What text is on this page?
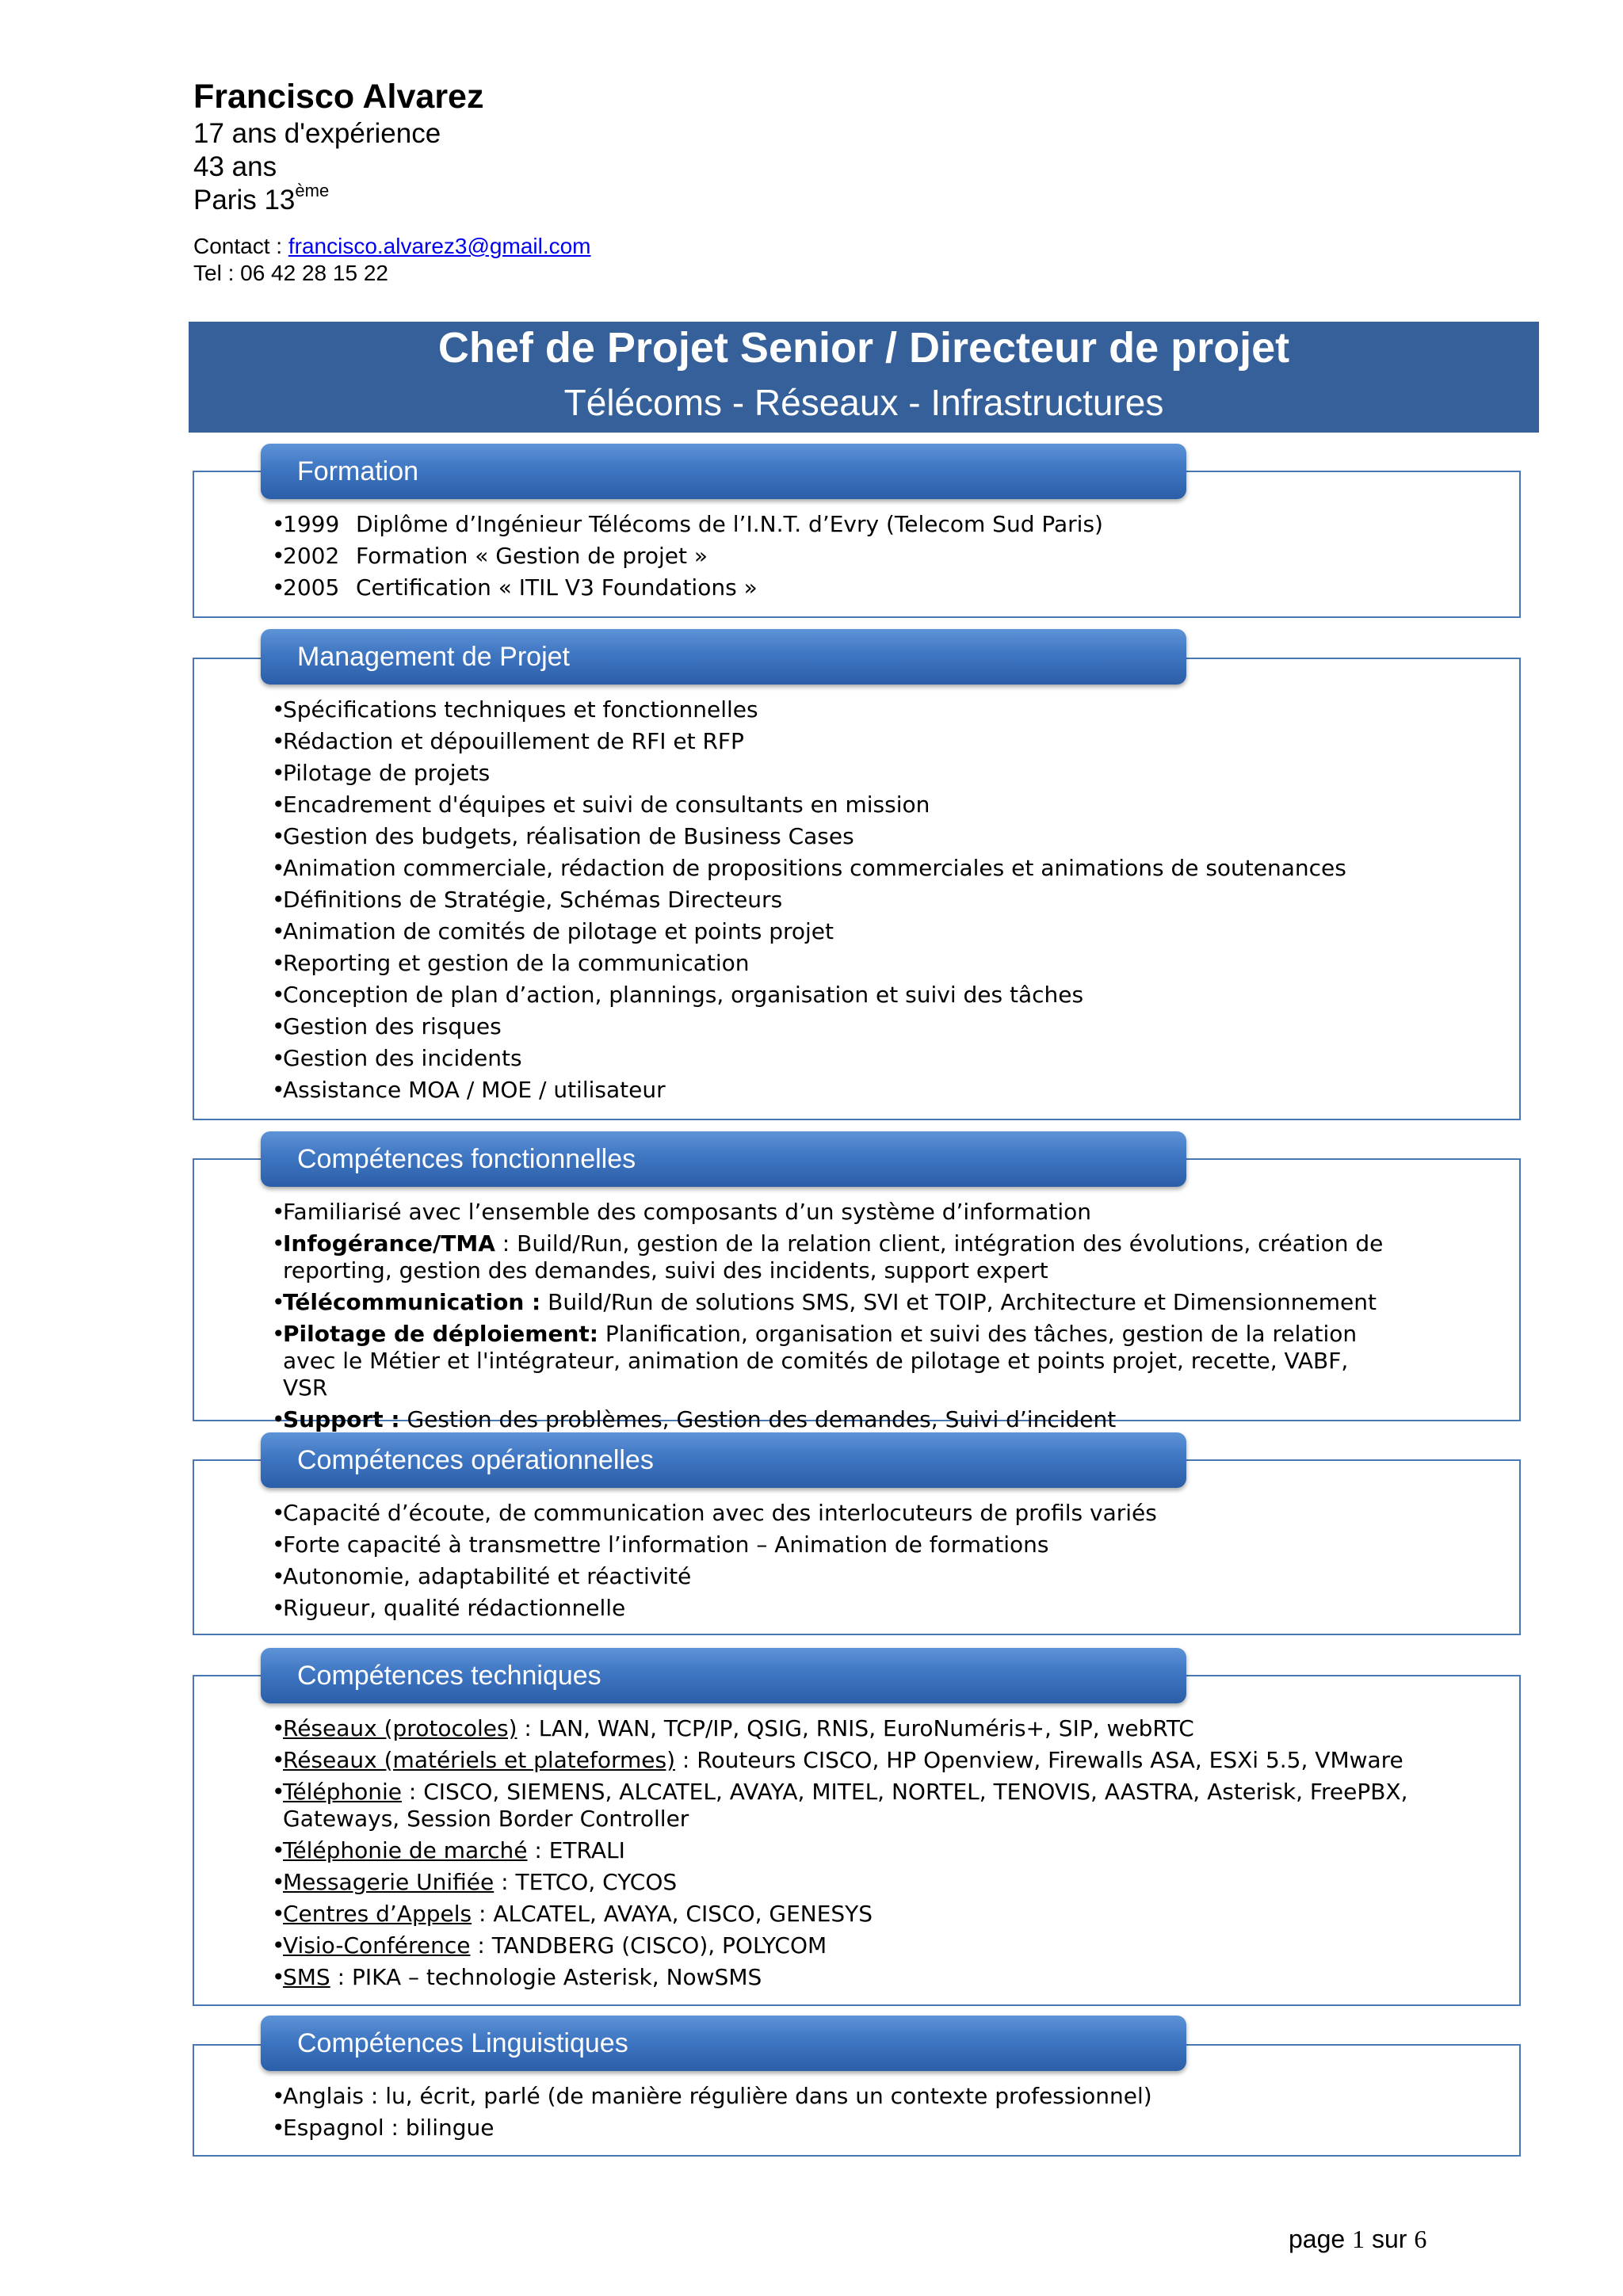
Francisco Alvarez
17 ans d'expérience
43 ans
Paris 13ème
Contact : francisco.alvarez3@gmail.com
Tel : 06 42 28 15 22
Chef de Projet Senior / Directeur de projet
Télécoms - Réseaux - Infrastructures
Formation
•
1999 Diplôme d’Ingénieur Télécoms de l’I.N.T. d’Evry (Telecom Sud Paris)
•
2002 Formation « Gestion de projet »
•
2005 Certification « ITIL V3 Foundations »
Management de Projet
•
Spécifications techniques et fonctionnelles
•
Rédaction et dépouillement de RFI et RFP
•
Pilotage de projets
•
Encadrement d'équipes et suivi de consultants en mission
•
Gestion des budgets, réalisation de Business Cases
•
Animation commerciale, rédaction de propositions commerciales et animations de soutenances
•
Définitions de Stratégie, Schémas Directeurs
•
Animation de comités de pilotage et points projet
•
Reporting et gestion de la communication
•
Conception de plan d’action, plannings, organisation et suivi des tâches
•
Gestion des risques
•
Gestion des incidents
•
Assistance MOA / MOE / utilisateur
Compétences fonctionnelles
•
Familiarisé avec l’ensemble des composants d’un système d’information
•
Infogérance/TMA : Build/Run, gestion de la relation client, intégration des évolutions, création de reporting, gestion des demandes, suivi des incidents, support expert
•
Télécommunication : Build/Run de solutions SMS, SVI et TOIP, Architecture et Dimensionnement
•
Pilotage de déploiement: Planification, organisation et suivi des tâches, gestion de la relation avec le Métier et l'intégrateur, animation de comités de pilotage et points projet, recette, VABF, VSR
•
Support : Gestion des problèmes, Gestion des demandes, Suivi d’incident
Compétences opérationnelles
•
Capacité d’écoute, de communication avec des interlocuteurs de profils variés
•
Forte capacité à transmettre l’information – Animation de formations
•
Autonomie, adaptabilité et réactivité
•
Rigueur, qualité rédactionnelle
Compétences techniques
•
Réseaux (protocoles) : LAN, WAN, TCP/IP, QSIG, RNIS, EuroNuméris+, SIP, webRTC
•
Réseaux (matériels et plateformes) : Routeurs CISCO, HP Openview, Firewalls ASA, ESXi 5.5, VMware
•
Téléphonie : CISCO, SIEMENS, ALCATEL, AVAYA, MITEL, NORTEL, TENOVIS, AASTRA, Asterisk, FreePBX, Gateways, Session Border Controller
•
Téléphonie de marché : ETRALI
•
Messagerie Unifiée : TETCO, CYCOS
•
Centres d’Appels : ALCATEL, AVAYA, CISCO, GENESYS
•
Visio-Conférence : TANDBERG (CISCO), POLYCOM
•
SMS : PIKA – technologie Asterisk, NowSMS
Compétences Linguistiques
•
Anglais : lu, écrit, parlé (de manière régulière dans un contexte professionnel)
•
Espagnol : bilingue
page 1 sur 6
